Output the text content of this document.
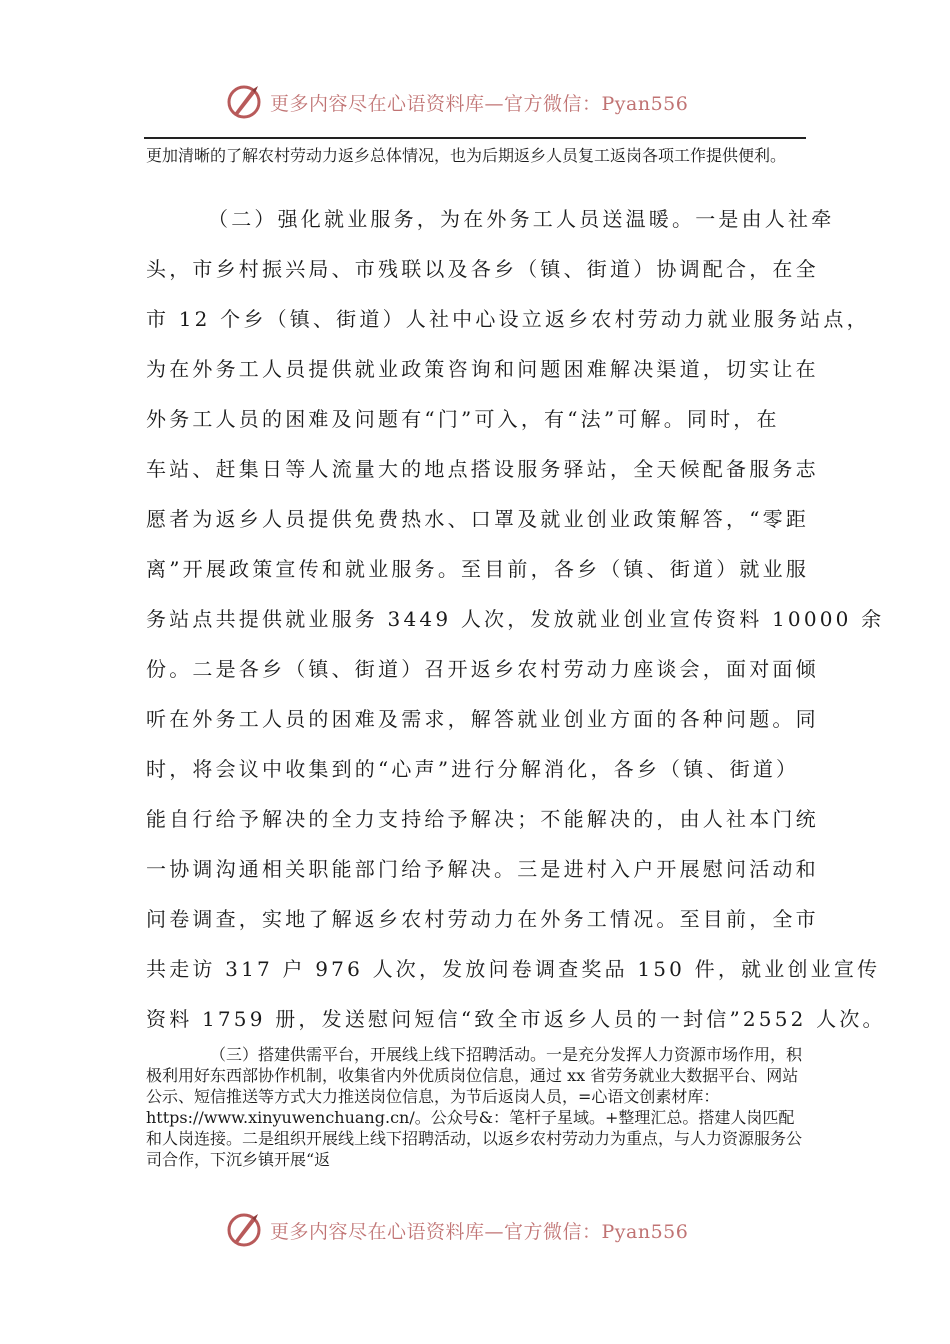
更多内容尽在心语资料库—官方微信：Pyan556

更加清晰的了解农村劳动力返乡总体情况，也为后期返乡人员复工返岗各项工作提供便利。

（二）强化就业服务，为在外务工人员送温暖。一是由人社牵
头，市乡村振兴局、市残联以及各乡（镇、街道）协调配合，在全
市 12 个乡（镇、街道）人社中心设立返乡农村劳动力就业服务站点，
为在外务工人员提供就业政策咨询和问题困难解决渠道，切实让在
外务工人员的困难及问题有“门”可入，有“法”可解。同时，在
车站、赶集日等人流量大的地点搭设服务驿站，全天候配备服务志
愿者为返乡人员提供免费热水、口罩及就业创业政策解答，“零距
离”开展政策宣传和就业服务。至目前，各乡（镇、街道）就业服
务站点共提供就业服务 3449 人次，发放就业创业宣传资料 10000 余
份。二是各乡（镇、街道）召开返乡农村劳动力座谈会，面对面倾
听在外务工人员的困难及需求，解答就业创业方面的各种问题。同
时，将会议中收集到的“心声”进行分解消化，各乡（镇、街道）
能自行给予解决的全力支持给予解决；不能解决的，由人社本门统
一协调沟通相关职能部门给予解决。三是进村入户开展慰问活动和
问卷调查，实地了解返乡农村劳动力在外务工情况。至目前，全市
共走访 317 户 976 人次，发放问卷调查奖品 150 件，就业创业宣传
资料 1759 册，发送慰问短信“致全市返乡人员的一封信”2552 人次。

（三）搭建供需平台，开展线上线下招聘活动。一是充分发挥人力资源市场作用，积极利用好东西部协作机制，收集省内外优质岗位信息，通过 xx 省劳务就业大数据平台、网站公示、短信推送等方式大力推送岗位信息，为节后返岗人员，=心语文创素材库：https://www.xinyuwenchuang.cn/。公众号&：笔杆子星域。+整理汇总。搭建人岗匹配和人岗连接。二是组织开展线上线下招聘活动，以返乡农村劳动力为重点，与人力资源服务公司合作，下沉乡镇开展“返

更多内容尽在心语资料库—官方微信：Pyan556
